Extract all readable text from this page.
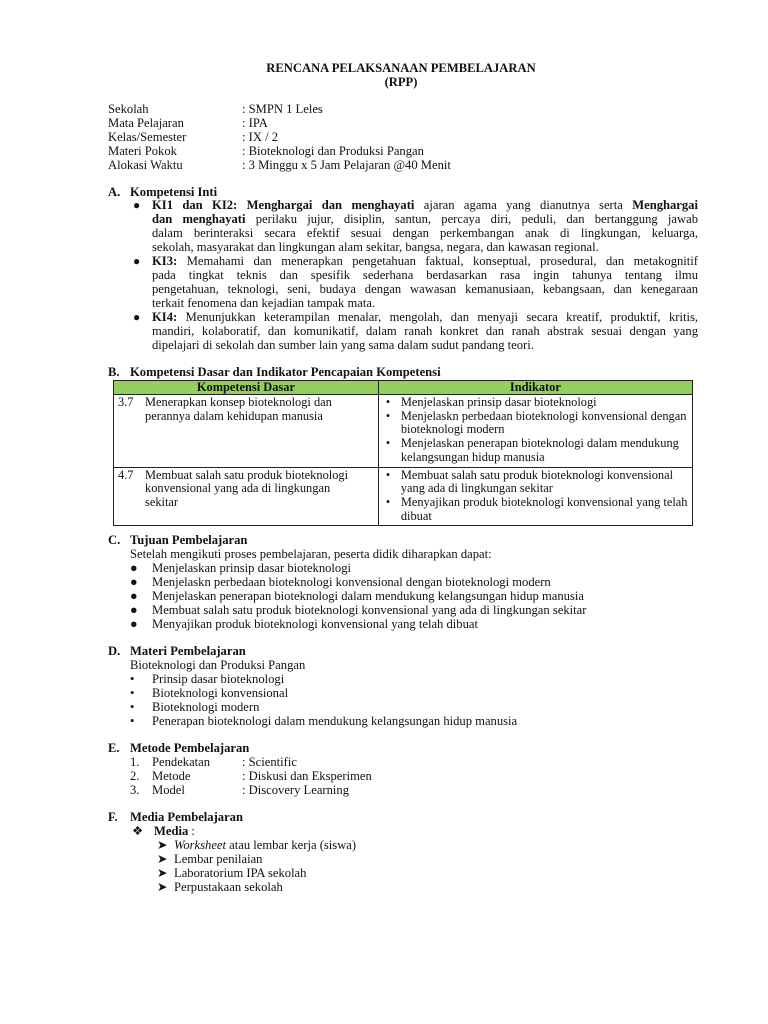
RENCANA PELAKSANAAN PEMBELAJARAN
(RPP)
Sekolah	: SMPN 1 Leles
Mata Pelajaran	: IPA
Kelas/Semester	: IX / 2
Materi Pokok	: Bioteknologi dan Produksi Pangan
Alokasi Waktu	: 3 Minggu x 5 Jam Pelajaran @40 Menit
A. Kompetensi Inti
● KI1 dan KI2: Menghargai dan menghayati ajaran agama yang dianutnya serta Menghargai
dan menghayati perilaku jujur, disiplin, santun, percaya diri, peduli, dan bertanggung jawab
dalam berinteraksi secara efektif sesuai dengan perkembangan anak di lingkungan, keluarga,
sekolah, masyarakat dan lingkungan alam sekitar, bangsa, negara, dan kawasan regional.
● KI3: Memahami dan menerapkan pengetahuan faktual, konseptual, prosedural, dan metakognitif
pada tingkat teknis dan spesifik sederhana berdasarkan rasa ingin tahunya tentang ilmu
pengetahuan, teknologi, seni, budaya dengan wawasan kemanusiaan, kebangsaan, dan kenegaraan
terkait fenomena dan kejadian tampak mata.
● KI4: Menunjukkan keterampilan menalar, mengolah, dan menyaji secara kreatif, produktif, kritis,
mandiri, kolaboratif, dan komunikatif, dalam ranah konkret dan ranah abstrak sesuai dengan yang
dipelajari di sekolah dan sumber lain yang sama dalam sudut pandang teori.
B. Kompetensi Dasar dan Indikator Pencapaian Kompetensi
Kompetensi Dasar	Indikator
3.7 Menerapkan konsep bioteknologi dan perannya dalam kehidupan manusia	• Menjelaskan prinsip dasar bioteknologi
• Menjelaskn perbedaan bioteknologi konvensional dengan bioteknologi modern
• Menjelaskan penerapan bioteknologi dalam mendukung kelangsungan hidup manusia

4.7 Membuat salah satu produk bioteknologi konvensional yang ada di lingkungan sekitar	• Membuat salah satu produk bioteknologi konvensional yang ada di lingkungan sekitar
• Menyajikan produk bioteknologi konvensional yang telah dibuat
C. Tujuan Pembelajaran
Setelah mengikuti proses pembelajaran, peserta didik diharapkan dapat:
● Menjelaskan prinsip dasar bioteknologi
● Menjelaskn perbedaan bioteknologi konvensional dengan bioteknologi modern
● Menjelaskan penerapan bioteknologi dalam mendukung kelangsungan hidup manusia
● Membuat salah satu produk bioteknologi konvensional yang ada di lingkungan sekitar
● Menyajikan produk bioteknologi konvensional yang telah dibuat
D. Materi Pembelajaran
Bioteknologi dan Produksi Pangan
• Prinsip dasar bioteknologi
• Bioteknologi konvensional
• Bioteknologi modern
• Penerapan bioteknologi dalam mendukung kelangsungan hidup manusia
E. Metode Pembelajaran
1. Pendekatan	: Scientific
2. Metode	: Diskusi dan Eksperimen
3. Model	: Discovery Learning
F. Media Pembelajaran
❖ Media :
➤ Worksheet atau lembar kerja (siswa)
➤ Lembar penilaian
➤ Laboratorium IPA sekolah
➤ Perpustakaan sekolah
